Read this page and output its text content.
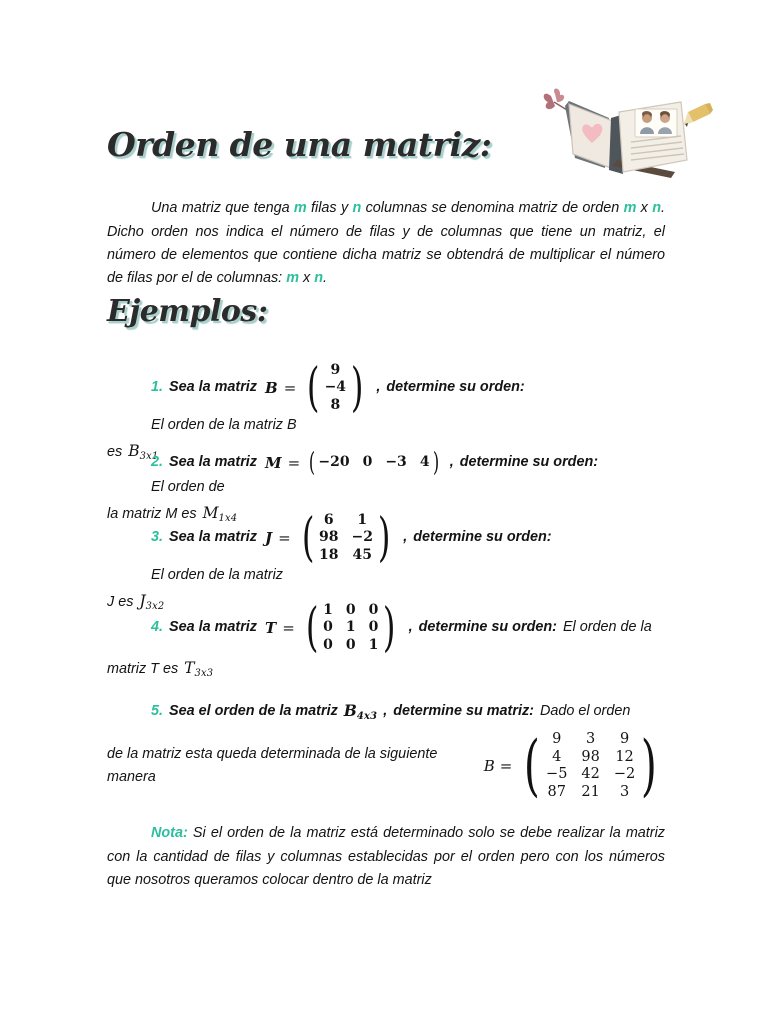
Orden de una matriz:

Una matriz que tenga m filas y n columnas se denomina matriz de orden m x n. Dicho orden nos indica el número de filas y de columnas que tiene un matriz, el número de elementos que contiene dicha matriz se obtendrá de multiplicar el número de filas por el de columnas: m x n.

Ejemplos:
1. Sea la matriz B = ( 9
−4
8 ) , determine su orden:
El orden de la matriz B
es $B_{3x1}$
2. Sea la matriz M = ( −20 0 −3 4 ) , determine su orden:
El orden de
la matriz M es $M_{1x4}$
3. Sea la matriz J = ( 6 1
98 −2
18 45 ) , determine su orden:
El orden de la matriz
J es $J_{3x2}$
4. Sea la matriz T = ( 1 0 0
0 1 0
0 0 1 ) , determine su orden: El orden de la
matriz T es $T_{3x3}$
5. Sea el orden de la matriz $B_{4x3}$ , determine su matriz: Dado el orden
de la matriz esta queda determinada de la siguiente manera
B = ( 9 3 9
4 98 12
−5 42 −2
87 21 3 )

Nota: Si el orden de la matriz está determinado solo se debe realizar la matriz con la cantidad de filas y columnas establecidas por el orden pero con los números que nosotros queramos colocar dentro de la matriz
